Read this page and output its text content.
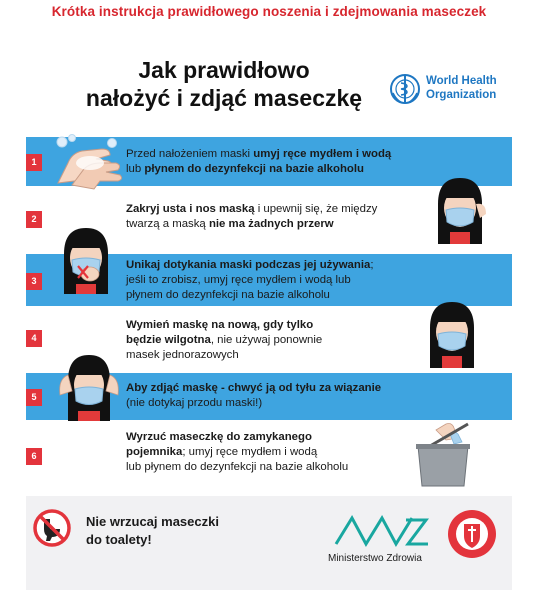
Krótka instrukcja prawidłowego noszenia i zdejmowania maseczek
Jak prawidłowo
nałożyć i zdjąć maseczkę
World Health
Organization
1
Przed nałożeniem maski umyj ręce mydłem i wodą
lub płynem do dezynfekcji na bazie alkoholu
2
Zakryj usta i nos maską i upewnij się, że między
twarzą a maską nie ma żadnych przerw
3
Unikaj dotykania maski podczas jej używania;
jeśli to zrobisz, umyj ręce mydłem i wodą lub
płynem do dezynfekcji na bazie alkoholu
4
Wymień maskę na nową, gdy tylko
będzie wilgotna, nie używaj ponownie
masek jednorazowych
5
Aby zdjąć maskę - chwyć ją od tyłu za wiązanie
(nie dotykaj przodu maski!)
6
Wyrzuć maseczkę do zamykanego
pojemnika; umyj ręce mydłem i wodą
lub płynem do dezynfekcji na bazie alkoholu
Nie wrzucaj maseczki
do toalety!
Ministerstwo Zdrowia
